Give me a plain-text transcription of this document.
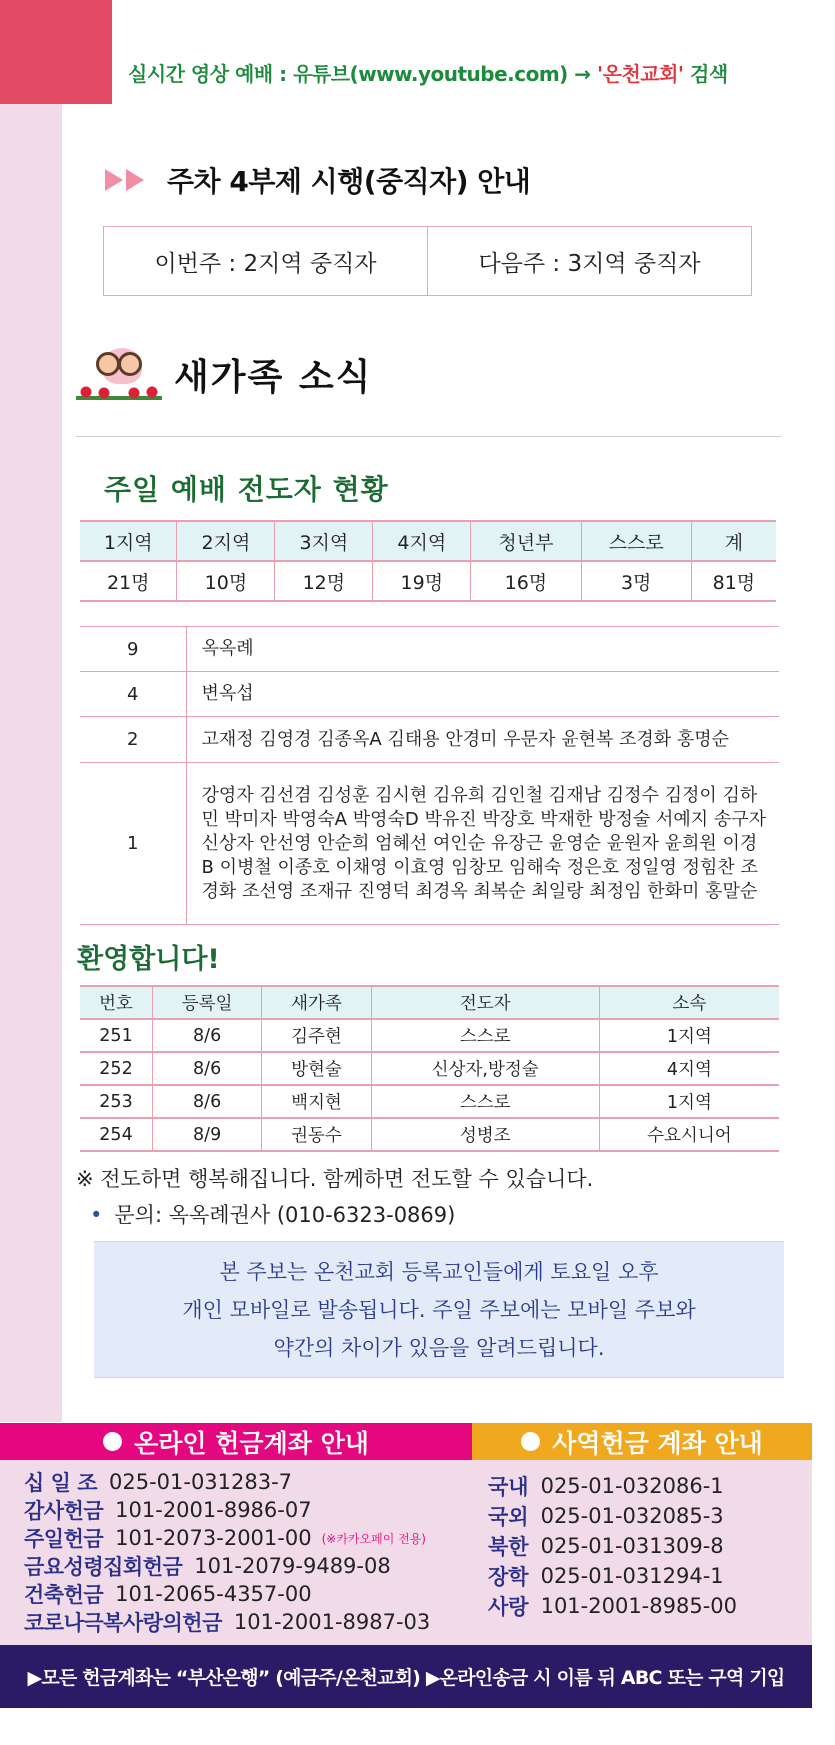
실시간 영상 예배 : 유튜브(www.youtube.com) → '온천교회' 검색
주차 4부제 시행(중직자) 안내
이번주 : 2지역 중직자	다음주 : 3지역 중직자
새가족 소식
주일 예배 전도자 현황
1지역	2지역	3지역	4지역	청년부	스스로	계
21명	10명	12명	19명	16명	3명	81명
9	옥옥례
4	변옥섭
2	고재정 김영경 김종옥A 김태용 안경미 우문자 윤현복 조경화 홍명순
1	강영자 김선겸 김성훈 김시현 김유희 김인철 김재남 김정수 김정이 김하민 박미자 박영숙A 박영숙D 박유진 박장호 박재한 방정술 서예지 송구자 신상자 안선영 안순희 엄혜선 여인순 유장근 윤영순 윤원자 윤희원 이경B 이병철 이종호 이채영 이효영 임창모 임해숙 정은호 정일영 정힘찬 조경화 조선영 조재규 진영덕 최경옥 최복순 최일랑 최정임 한화미 홍말순
환영합니다!
번호	등록일	새가족	전도자	소속
251	8/6	김주현	스스로	1지역
252	8/6	방현술	신상자,방정술	4지역
253	8/6	백지현	스스로	1지역
254	8/9	권동수	성병조	수요시니어
※ 전도하면 행복해집니다. 함께하면 전도할 수 있습니다.
• 문의: 옥옥례권사 (010-6323-0869)
본 주보는 온천교회 등록교인들에게 토요일 오후
개인 모바일로 발송됩니다. 주일 주보에는 모바일 주보와
약간의 차이가 있음을 알려드립니다.
온라인 헌금계좌 안내	사역헌금 계좌 안내
십 일 조 025-01-031283-7
감사헌금 101-2001-8986-07
주일헌금 101-2073-2001-00 (※카카오페이 전용)
금요성령집회헌금 101-2079-9489-08
건축헌금 101-2065-4357-00
코로나극복사랑의헌금 101-2001-8987-03
국내 025-01-032086-1
국외 025-01-032085-3
북한 025-01-031309-8
장학 025-01-031294-1
사랑 101-2001-8985-00
▶모든 헌금계좌는 “부산은행” (예금주/온천교회) ▶온라인송금 시 이름 뒤 ABC 또는 구역 기입
